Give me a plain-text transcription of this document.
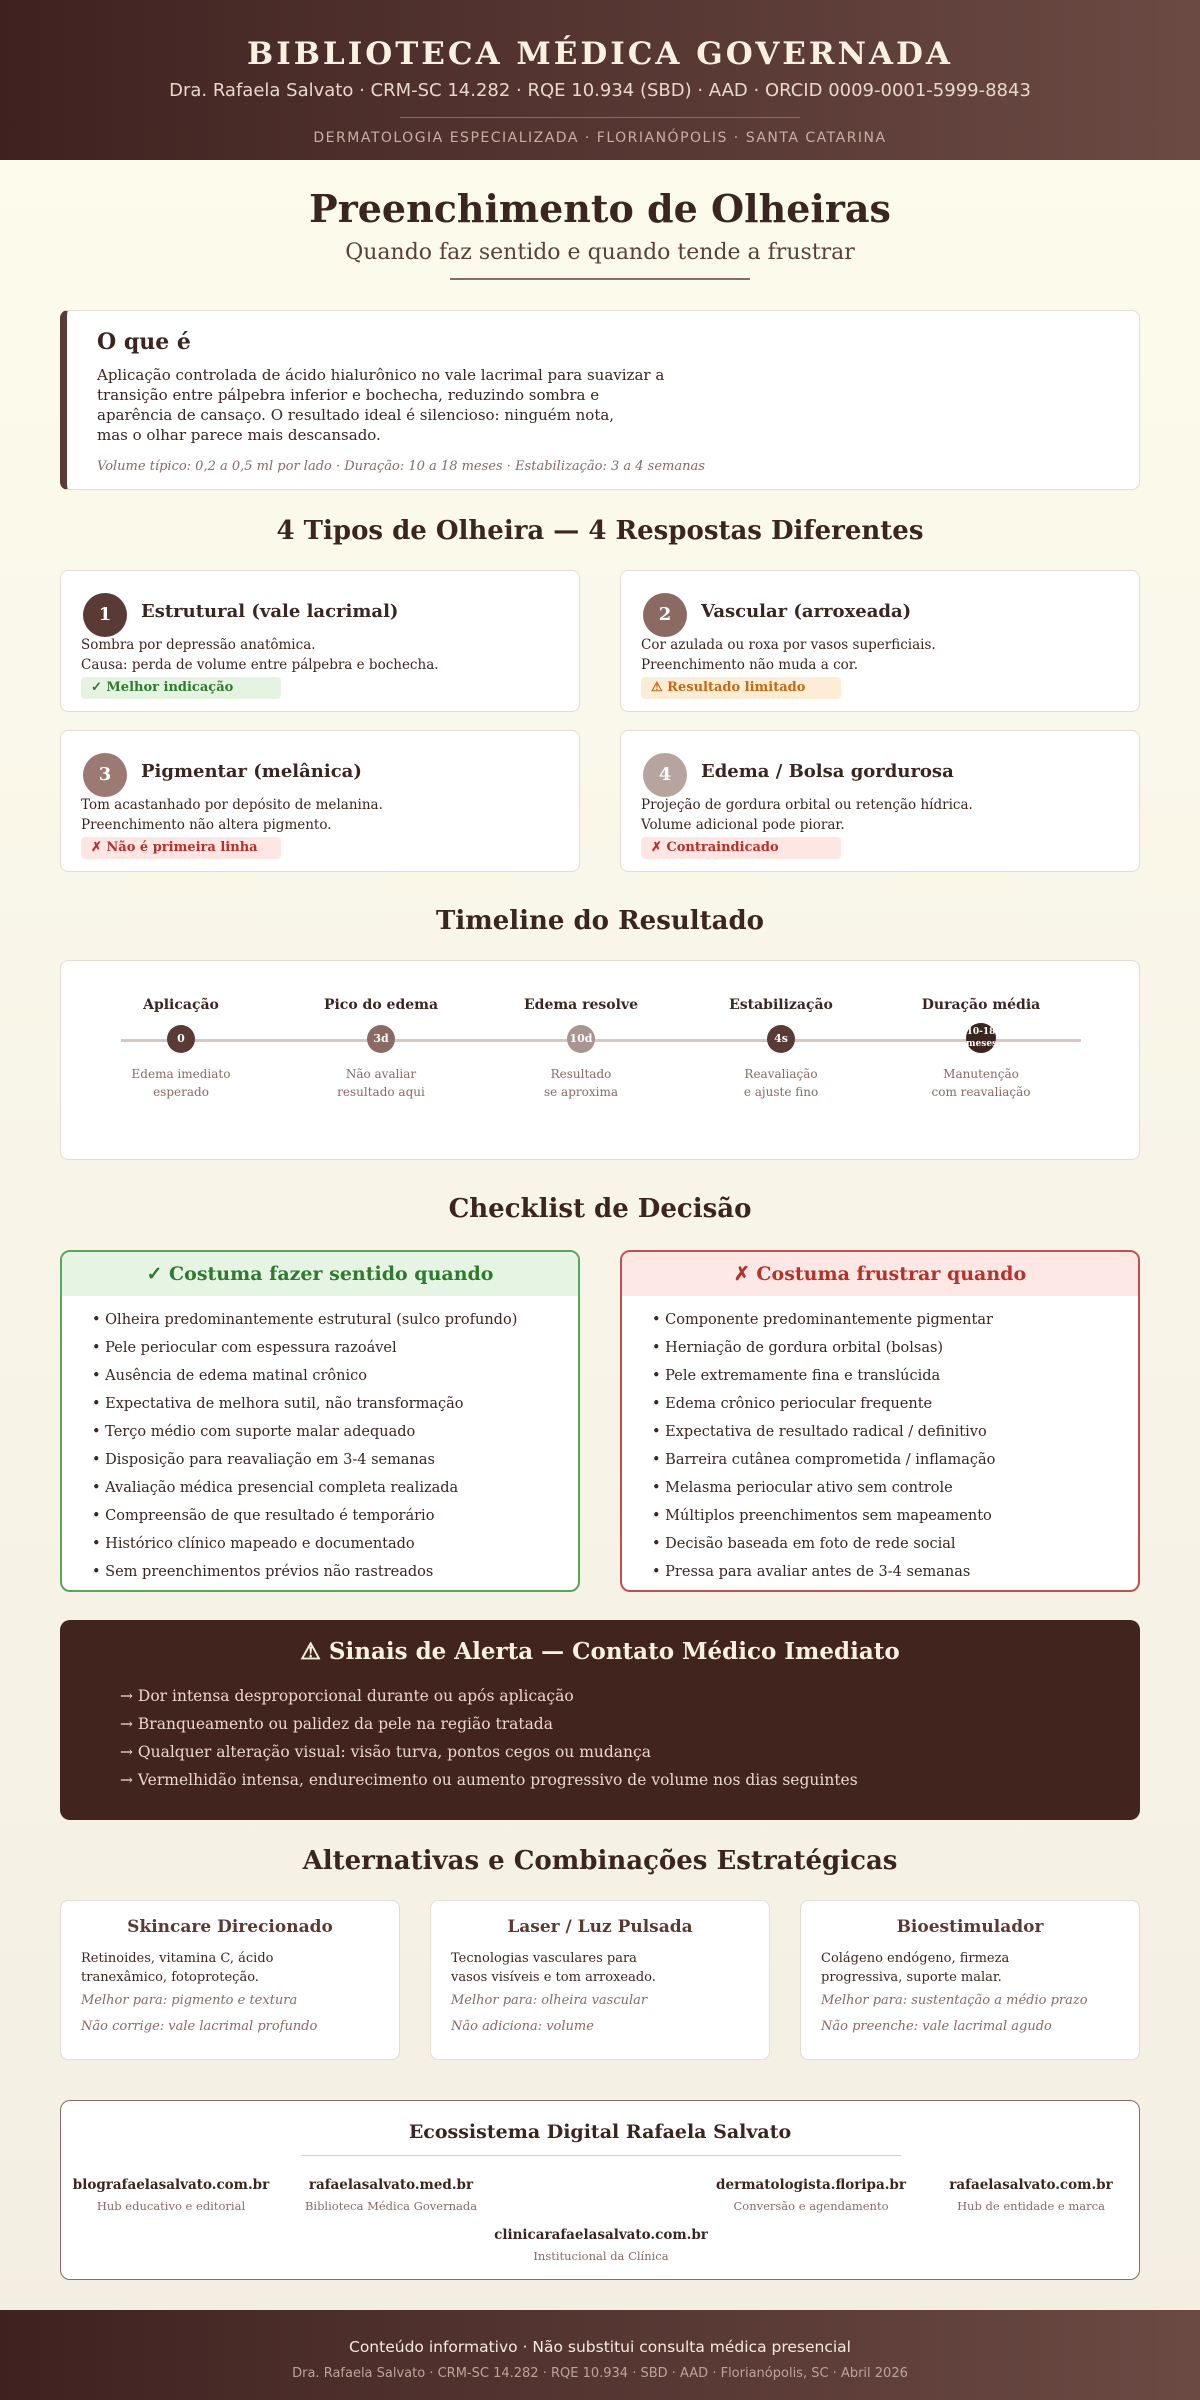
BIBLIOTECA MÉDICA GOVERNADA
Dra. Rafaela Salvato · CRM-SC 14.282 · RQE 10.934 (SBD) · AAD · ORCID 0009-0001-5999-8843
DERMATOLOGIA ESPECIALIZADA · FLORIANÓPOLIS · SANTA CATARINA
Preenchimento de Olheiras
Quando faz sentido e quando tende a frustrar
O que é

Aplicação controlada de ácido hialurônico no vale lacrimal para suavizar a
transição entre pálpebra inferior e bochecha, reduzindo sombra e
aparência de cansaço. O resultado ideal é silencioso: ninguém nota,
mas o olhar parece mais descansado.

Volume típico: 0,2 a 0,5 ml por lado · Duração: 10 a 18 meses · Estabilização: 3 a 4 semanas
4 Tipos de Olheira — 4 Respostas Diferentes
1	Estrutural (vale lacrimal)
Sombra por depressão anatômica.
Causa: perda de volume entre pálpebra e bochecha.
✓ Melhor indicação
2	Vascular (arroxeada)
Cor azulada ou roxa por vasos superficiais.
Preenchimento não muda a cor.
⚠ Resultado limitado
3	Pigmentar (melânica)
Tom acastanhado por depósito de melanina.
Preenchimento não altera pigmento.
✗ Não é primeira linha
4	Edema / Bolsa gordurosa
Projeção de gordura orbital ou retenção hídrica.
Volume adicional pode piorar.
✗ Contraindicado
Timeline do Resultado
Aplicação
0
Edema imediato
esperado
Pico do edema
3d
Não avaliar
resultado aqui
Edema resolve
10d
Resultado
se aproxima
Estabilização
4s
Reavaliação
e ajuste fino
Duração média
10-18
meses
Manutenção
com reavaliação
Checklist de Decisão
✓ Costuma fazer sentido quando
• Olheira predominantemente estrutural (sulco profundo)
• Pele periocular com espessura razoável
• Ausência de edema matinal crônico
• Expectativa de melhora sutil, não transformação
• Terço médio com suporte malar adequado
• Disposição para reavaliação em 3-4 semanas
• Avaliação médica presencial completa realizada
• Compreensão de que resultado é temporário
• Histórico clínico mapeado e documentado
• Sem preenchimentos prévios não rastreados
✗ Costuma frustrar quando
• Componente predominantemente pigmentar
• Herniação de gordura orbital (bolsas)
• Pele extremamente fina e translúcida
• Edema crônico periocular frequente
• Expectativa de resultado radical / definitivo
• Barreira cutânea comprometida / inflamação
• Melasma periocular ativo sem controle
• Múltiplos preenchimentos sem mapeamento
• Decisão baseada em foto de rede social
• Pressa para avaliar antes de 3-4 semanas
⚠ Sinais de Alerta — Contato Médico Imediato
→ Dor intensa desproporcional durante ou após aplicação
→ Branqueamento ou palidez da pele na região tratada
→ Qualquer alteração visual: visão turva, pontos cegos ou mudança
→ Vermelhidão intensa, endurecimento ou aumento progressivo de volume nos dias seguintes
Alternativas e Combinações Estratégicas
Skincare Direcionado
Retinoides, vitamina C, ácido
tranexâmico, fotoproteção.
Melhor para: pigmento e textura
Não corrige: vale lacrimal profundo
Laser / Luz Pulsada
Tecnologias vasculares para
vasos visíveis e tom arroxeado.
Melhor para: olheira vascular
Não adiciona: volume
Bioestimulador
Colágeno endógeno, firmeza
progressiva, suporte malar.
Melhor para: sustentação a médio prazo
Não preenche: vale lacrimal agudo
Ecossistema Digital Rafaela Salvato
blografaelasalvato.com.br
Hub educativo e editorial
rafaelasalvato.med.br
Biblioteca Médica Governada
dermatologista.floripa.br
Conversão e agendamento
rafaelasalvato.com.br
Hub de entidade e marca
clinicarafaelasalvato.com.br
Institucional da Clínica
Conteúdo informativo · Não substitui consulta médica presencial
Dra. Rafaela Salvato · CRM-SC 14.282 · RQE 10.934 · SBD · AAD · Florianópolis, SC · Abril 2026
